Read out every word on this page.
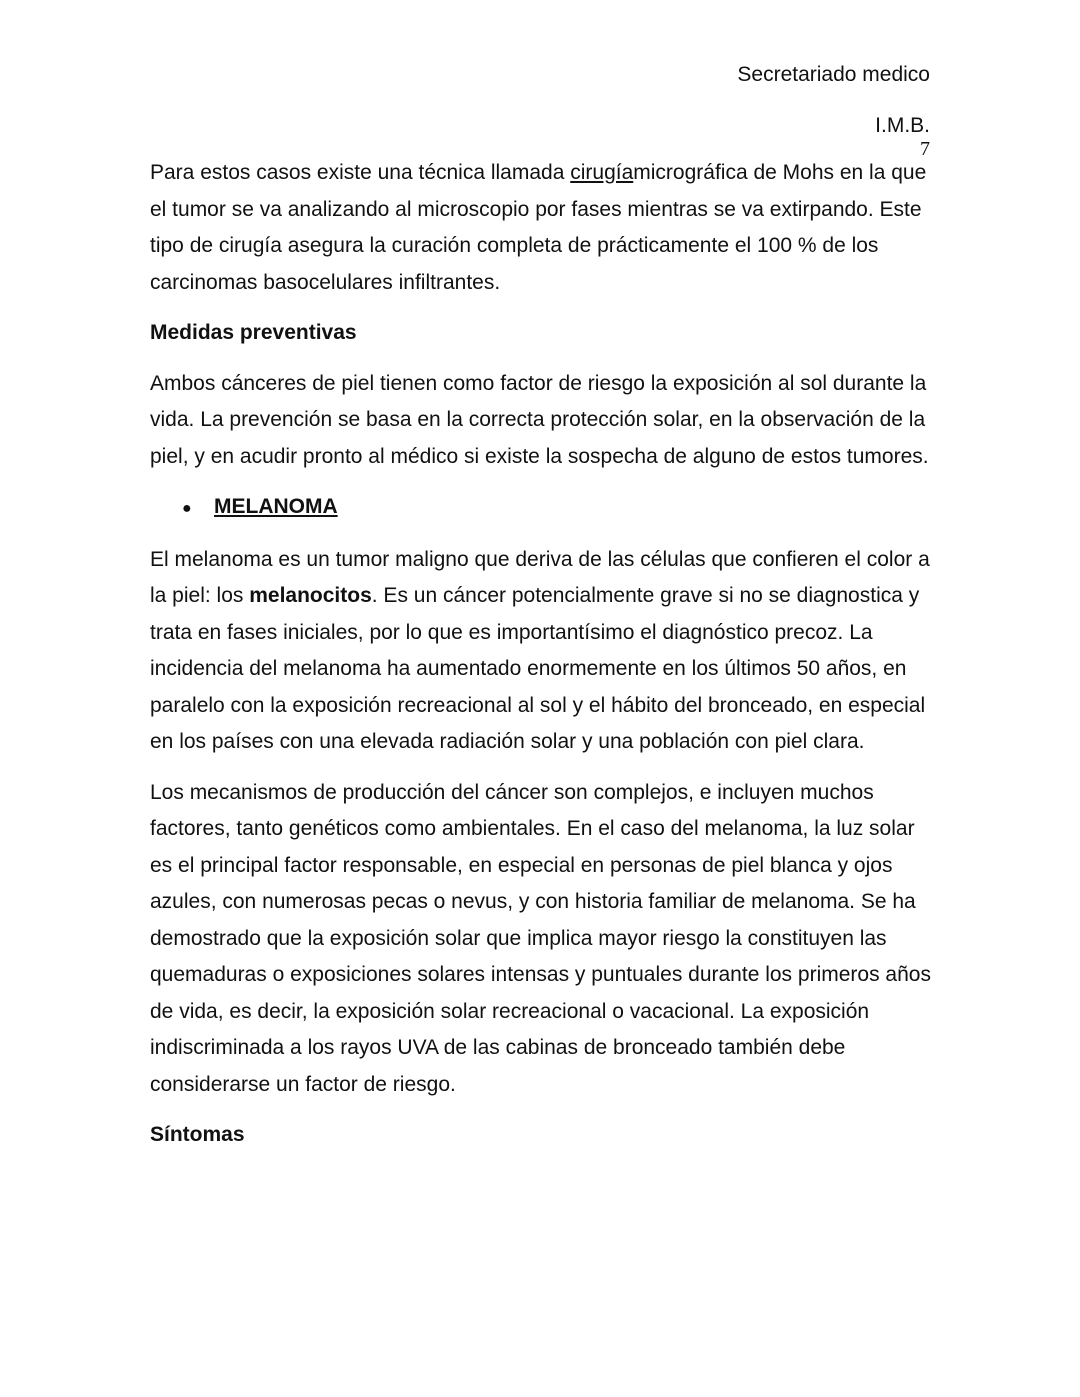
Secretariado medico
I.M.B.
7

Para estos casos existe una técnica llamada cirugíamicrográfica de Mohs en la que el tumor se va analizando al microscopio por fases mientras se va extirpando. Este tipo de cirugía asegura la curación completa de prácticamente el 100 % de los carcinomas basocelulares infiltrantes.

Medidas preventivas

Ambos cánceres de piel tienen como factor de riesgo la exposición al sol durante la vida. La prevención se basa en la correcta protección solar, en la observación de la piel, y en acudir pronto al médico si existe la sospecha de alguno de estos tumores.

● MELANOMA

El melanoma es un tumor maligno que deriva de las células que confieren el color a la piel: los melanocitos. Es un cáncer potencialmente grave si no se diagnostica y trata en fases iniciales, por lo que es importantísimo el diagnóstico precoz. La incidencia del melanoma ha aumentado enormemente en los últimos 50 años, en paralelo con la exposición recreacional al sol y el hábito del bronceado, en especial en los países con una elevada radiación solar y una población con piel clara.

Los mecanismos de producción del cáncer son complejos, e incluyen muchos factores, tanto genéticos como ambientales. En el caso del melanoma, la luz solar es el principal factor responsable, en especial en personas de piel blanca y ojos azules, con numerosas pecas o nevus, y con historia familiar de melanoma. Se ha demostrado que la exposición solar que implica mayor riesgo la constituyen las quemaduras o exposiciones solares intensas y puntuales durante los primeros años de vida, es decir, la exposición solar recreacional o vacacional. La exposición indiscriminada a los rayos UVA de las cabinas de bronceado también debe considerarse un factor de riesgo.

Síntomas
